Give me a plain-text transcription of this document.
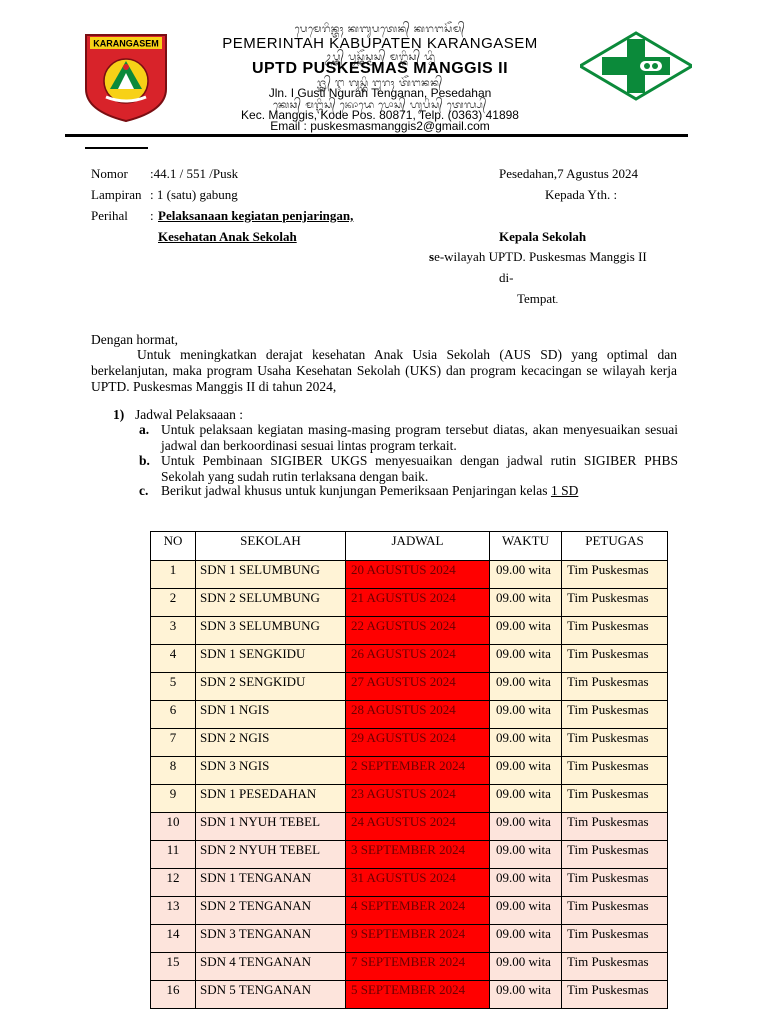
KARANGASEM
ᬧᬾᬫᬾᬭᬶᬦ᭄ᬢᬄ ᬓᬩᬸᬧᬢᬾᬦ᭄ ᬓᬭᬗᬲᭂᬫ᭄
PEMERINTAH KABUPATEN KARANGASEM
ᬉᬧ᭄ᬢ᭄ᬤ᭄ ᬧᬸᬲ᭄ᬓᭂᬲ᭄ᬫᬲ᭄ ᬫᬗ᭄ᬕᬶᬲ᭄ ᬤ᭄ᬯᬶ
UPTD PUSKESMAS MANGGIS II
ᬚ᭄ᬮ᭄ᬦ᭄ ᬇ ᬕᬸᬲ᭄ᬢᬶ ᬗᬸᬭᬄ ᬢᭂᬗᬦᬦ᭄
Jln. I Gusti Ngurah Tenganan, Pesedahan
ᬓᬾᬘ᭄ ᬫᬗ᭄ᬕᬶᬲ᭄ ᬓᭀᬤᬾ ᬧᭀᬲ᭄ ᬳᬸᬧᬶᬲ᭄ ᬢᬾᬮ᭄ᬧ᭄
Kec. Manggis, Kode Pos. 80871, Telp. (0363) 41898
Email : puskesmasmanggis2@gmail.com
Nomor :44.1 / 551 /Pusk
Lampiran : 1 (satu) gabung
Perihal : Pelaksanaan kegiatan penjaringan,
Kesehatan Anak Sekolah
Pesedahan,7 Agustus 2024
Kepada Yth. :
Kepala Sekolah
se-wilayah UPTD. Puskesmas Manggis II
di-
Tempat.
Dengan hormat,
Untuk meningkatkan derajat kesehatan Anak Usia Sekolah (AUS SD) yang optimal dan berkelanjutan, maka program Usaha Kesehatan Sekolah (UKS) dan program kecacingan se wilayah kerja UPTD. Puskesmas Manggis II di tahun 2024,
1) Jadwal Pelaksaaan :
a. Untuk pelaksaan kegiatan masing-masing program tersebut diatas, akan menyesuaikan sesuai jadwal dan berkoordinasi sesuai lintas program terkait.
b. Untuk Pembinaan SIGIBER UKGS menyesuaikan dengan jadwal rutin SIGIBER PHBS Sekolah yang sudah rutin terlaksana dengan baik.
c. Berikut jadwal khusus untuk kunjungan Pemeriksaan Penjaringan kelas 1 SD
NO	SEKOLAH	JADWAL	WAKTU	PETUGAS
1	SDN 1 SELUMBUNG	20 AGUSTUS 2024	09.00 wita	Tim Puskesmas
2	SDN 2 SELUMBUNG	21 AGUSTUS 2024	09.00 wita	Tim Puskesmas
3	SDN 3 SELUMBUNG	22 AGUSTUS 2024	09.00 wita	Tim Puskesmas
4	SDN 1 SENGKIDU	26 AGUSTUS 2024	09.00 wita	Tim Puskesmas
5	SDN 2 SENGKIDU	27 AGUSTUS 2024	09.00 wita	Tim Puskesmas
6	SDN 1 NGIS	28 AGUSTUS 2024	09.00 wita	Tim Puskesmas
7	SDN 2 NGIS	29 AGUSTUS 2024	09.00 wita	Tim Puskesmas
8	SDN 3 NGIS	2 SEPTEMBER 2024	09.00 wita	Tim Puskesmas
9	SDN 1 PESEDAHAN	23 AGUSTUS 2024	09.00 wita	Tim Puskesmas
10	SDN 1 NYUH TEBEL	24 AGUSTUS 2024	09.00 wita	Tim Puskesmas
11	SDN 2 NYUH TEBEL	3 SEPTEMBER 2024	09.00 wita	Tim Puskesmas
12	SDN 1 TENGANAN	31 AGUSTUS 2024	09.00 wita	Tim Puskesmas
13	SDN 2 TENGANAN	4 SEPTEMBER 2024	09.00 wita	Tim Puskesmas
14	SDN 3 TENGANAN	9 SEPTEMBER 2024	09.00 wita	Tim Puskesmas
15	SDN 4 TENGANAN	7 SEPTEMBER 2024	09.00 wita	Tim Puskesmas
16	SDN 5 TENGANAN	5 SEPTEMBER 2024	09.00 wita	Tim Puskesmas
